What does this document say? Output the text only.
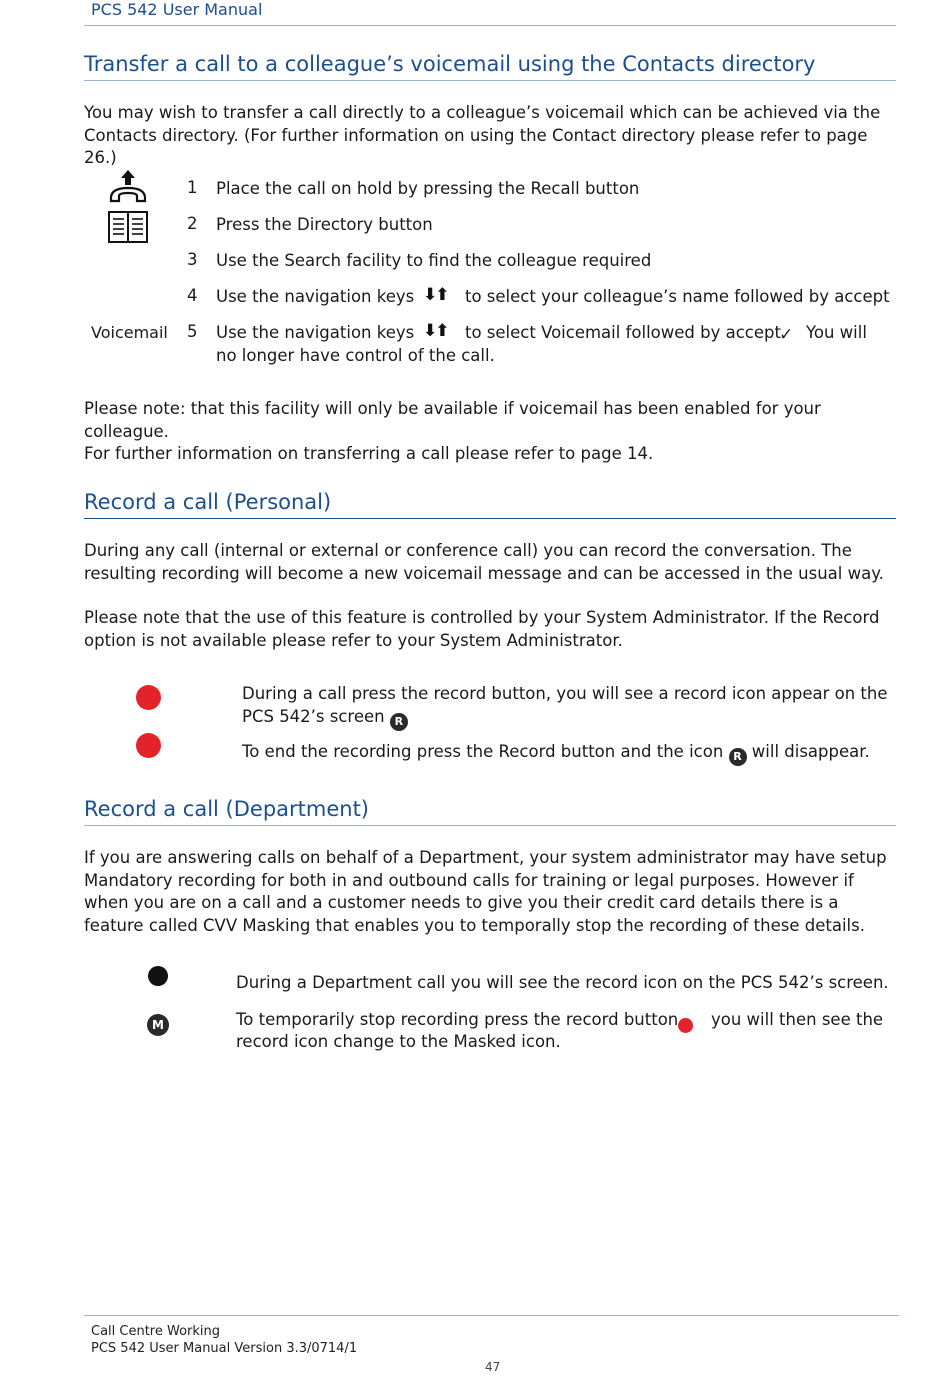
PCS 542 User Manual
Transfer a call to a colleague’s voicemail using the Contacts directory
You may wish to transfer a call directly to a colleague’s voicemail which can be achieved via the Contacts directory. (For further information on using the Contact directory please refer to page 26.)
Voicemail
1 Place the call on hold by pressing the Recall button
2 Press the Directory button
3 Use the Search facility to find the colleague required
4 Use the navigation keys ⬇⬆ to select your colleague’s name followed by accept
5 Use the navigation keys ⬇⬆ to select Voicemail followed by accept
✓ You will
no longer have control of the call.
Please note: that this facility will only be available if voicemail has been enabled for your colleague.
For further information on transferring a call please refer to page 14.
Record a call (Personal)
During any call (internal or external or conference call) you can record the conversation. The resulting recording will become a new voicemail message and can be accessed in the usual way.
Please note that the use of this feature is controlled by your System Administrator. If the Record option is not available please refer to your System Administrator.
During a call press the record button, you will see a record icon appear on the
PCS 542’s screen R
To end the recording press the Record button and the icon R will disappear.
Record a call (Department)
If you are answering calls on behalf of a Department, your system administrator may have setup Mandatory recording for both in and outbound calls for training or legal purposes. However if when you are on a call and a customer needs to give you their credit card details there is a feature called CVV Masking that enables you to temporally stop the recording of these details.
During a Department call you will see the record icon on the PCS 542’s screen.
M	To temporarily stop recording press the record button you will then see the
record icon change to the Masked icon.
Call Centre Working
PCS 542 User Manual Version 3.3/0714/1
47
